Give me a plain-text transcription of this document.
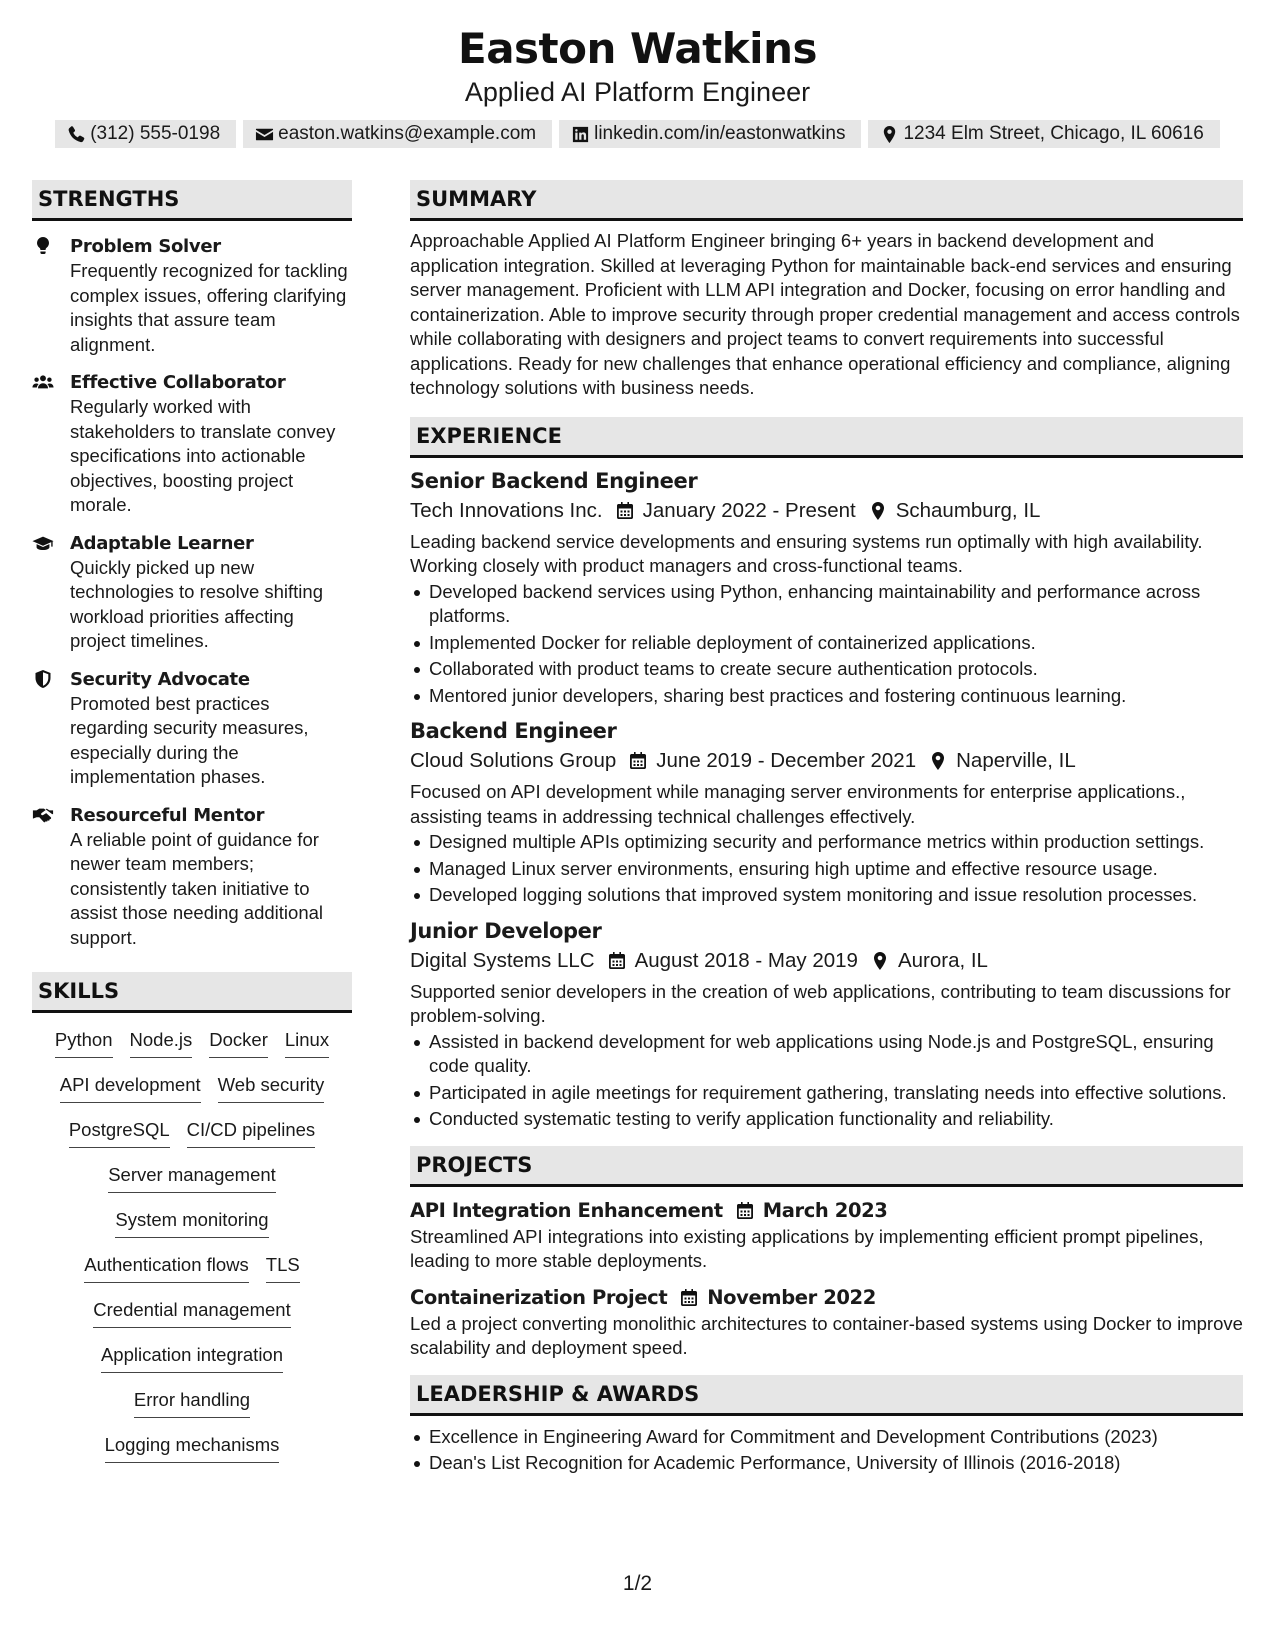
Easton Watkins
Applied AI Platform Engineer
(312) 555-0198	easton.watkins@example.com	linkedin.com/in/eastonwatkins	1234 Elm Street, Chicago, IL 60616
STRENGTHS
Problem Solver
Frequently recognized for tackling complex issues, offering clarifying insights that assure team alignment.
Effective Collaborator
Regularly worked with stakeholders to translate convey specifications into actionable objectives, boosting project morale.
Adaptable Learner
Quickly picked up new technologies to resolve shifting workload priorities affecting project timelines.
Security Advocate
Promoted best practices regarding security measures, especially during the implementation phases.
Resourceful Mentor
A reliable point of guidance for newer team members; consistently taken initiative to assist those needing additional support.
SKILLS
Python Node.js Docker Linux
API development Web security
PostgreSQL CI/CD pipelines
Server management
System monitoring
Authentication flows TLS
Credential management
Application integration
Error handling
Logging mechanisms
SUMMARY
Approachable Applied AI Platform Engineer bringing 6+ years in backend development and application integration. Skilled at leveraging Python for maintainable back-end services and ensuring server management. Proficient with LLM API integration and Docker, focusing on error handling and containerization. Able to improve security through proper credential management and access controls while collaborating with designers and project teams to convert requirements into successful applications. Ready for new challenges that enhance operational efficiency and compliance, aligning technology solutions with business needs.
EXPERIENCE
Senior Backend Engineer
Tech Innovations Inc. January 2022 - Present Schaumburg, IL
Leading backend service developments and ensuring systems run optimally with high availability. Working closely with product managers and cross-functional teams.
Developed backend services using Python, enhancing maintainability and performance across platforms.
Implemented Docker for reliable deployment of containerized applications.
Collaborated with product teams to create secure authentication protocols.
Mentored junior developers, sharing best practices and fostering continuous learning.
Backend Engineer
Cloud Solutions Group June 2019 - December 2021 Naperville, IL
Focused on API development while managing server environments for enterprise applications., assisting teams in addressing technical challenges effectively.
Designed multiple APIs optimizing security and performance metrics within production settings.
Managed Linux server environments, ensuring high uptime and effective resource usage.
Developed logging solutions that improved system monitoring and issue resolution processes.
Junior Developer
Digital Systems LLC August 2018 - May 2019 Aurora, IL
Supported senior developers in the creation of web applications, contributing to team discussions for problem-solving.
Assisted in backend development for web applications using Node.js and PostgreSQL, ensuring code quality.
Participated in agile meetings for requirement gathering, translating needs into effective solutions.
Conducted systematic testing to verify application functionality and reliability.
PROJECTS
API Integration Enhancement March 2023
Streamlined API integrations into existing applications by implementing efficient prompt pipelines, leading to more stable deployments.
Containerization Project November 2022
Led a project converting monolithic architectures to container-based systems using Docker to improve scalability and deployment speed.
LEADERSHIP & AWARDS
Excellence in Engineering Award for Commitment and Development Contributions (2023)
Dean's List Recognition for Academic Performance, University of Illinois (2016-2018)
1/2
